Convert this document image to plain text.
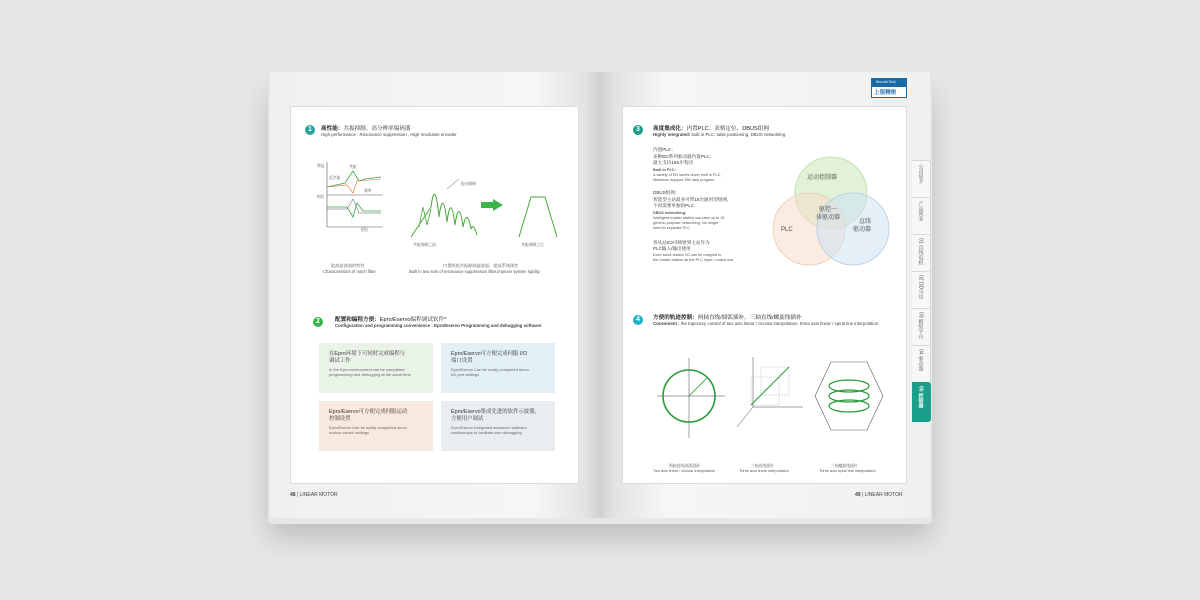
1	高性能：共振抑制、高分辨率编码器
High performance : Resonance suppression , High resolution encoder
增益	共振
反共振
相位
频率
相位
陷波滤波器的特性
Characteristics of notch filter
振动抑制
共振抑制之前	共振抑制之后
内置两组共振抑制滤波器，提高系统刚性
Built in two sets of resonance suppression filter,improve system rigidity
2	配置和编程方便：Epro/Eservo编程调试软件*
Configuration and programming convenience : Epro/Eservo Programming and debugging software
在Epro环境下可同时完成编程与
调试工作
In the Epro environment can be completed
programming and debugging at the same time
Epro/Eservo可方便完成伺服 I/O
端口设置
Epro/Eservo Can be easily completed servo
I/O port settings
Epro/Eservo可方便完成伺服运动
控制设置
Epro/Eservo Can be easily completed servo
motion control settings
Epro/Eservo集成先进的软件示波器，
方便用户调试
Epro/Eservo Integrated advanced software
oscilloscope to facilitate user debugging
48 | LINEAR MOTOR
3	高度集成化：内置PLC、表格定位、DBUS组网
Highly integrated: built in PLC, table positioning, DBUS networking
内置PLC：
多种ED系列驱动器内置PLC,
最大支持15K步程序
Built in PLC:
A variety of ED series driver built in PLC,
Maximum support 15K step program
DBUS组网：
智能型主站最多可带15台通用型组网,
不再需要单独的PLC
DBUS networking:
Intelligent master station can take up to 15
generic-purpose networking, No longer
need to separate PLC
各从站I/O可映射到主站作为
PLC输入/输出使用
Each slave station I/O can be mapped to
the master station as the PLC input / output use
运动控制器
PLC
直线
驱动器
驱控一
体驱动器
4	方便的轨迹控制：两轴直线/圆弧插补、三轴直线/螺旋线插补
Convenient : the trajectory control of two axis linear / circular interpolation, three axis linear / spiral line interpolation
两轴直线/圆弧插补
Two axis linear / circular interpolation
三轴直线插补
Three axis linear interpolation
三轴螺旋线插补
Three axis spiral line interpolation
49 | LINEAR MOTOR
Smooth Tech
上银精密
公司简介
产品列表
01 直线电机
02 DD马达
03 模组平台
04 驱动器
05 控制器
